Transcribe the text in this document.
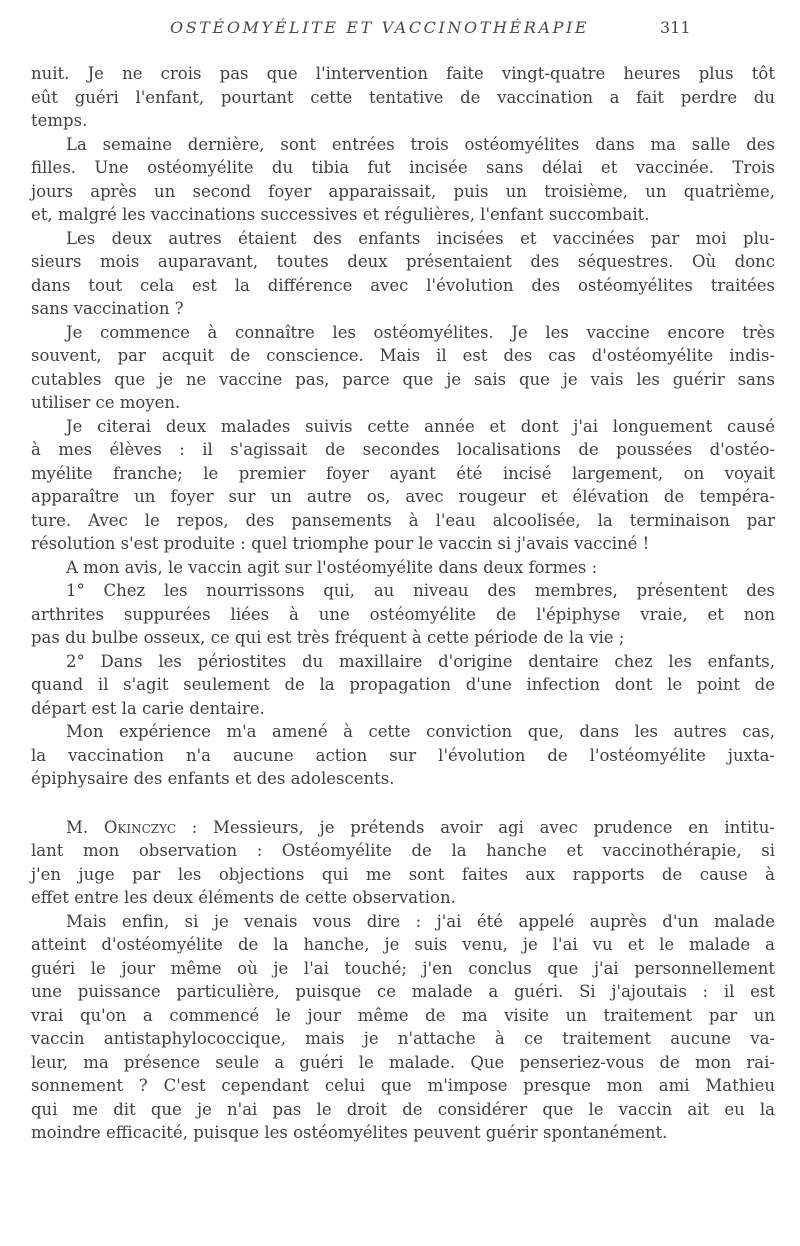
OSTÉOMYÉLITE ET VACCINOTHÉRAPIE	311
nuit. Je ne crois pas que l'intervention faite vingt-quatre heures plus tôt
eût guéri l'enfant, pourtant cette tentative de vaccination a fait perdre du
temps.
La semaine dernière, sont entrées trois ostéomyélites dans ma salle des
filles. Une ostéomyélite du tibia fut incisée sans délai et vaccinée. Trois
jours après un second foyer apparaissait, puis un troisième, un quatrième,
et, malgré les vaccinations successives et régulières, l'enfant succombait.
Les deux autres étaient des enfants incisées et vaccinées par moi plu-
sieurs mois auparavant, toutes deux présentaient des séquestres. Où donc
dans tout cela est la différence avec l'évolution des ostéomyélites traitées
sans vaccination ?
Je commence à connaître les ostéomyélites. Je les vaccine encore très
souvent, par acquit de conscience. Mais il est des cas d'ostéomyélite indis-
cutables que je ne vaccine pas, parce que je sais que je vais les guérir sans
utiliser ce moyen.
Je citerai deux malades suivis cette année et dont j'ai longuement causé
à mes élèves : il s'agissait de secondes localisations de poussées d'ostéo-
myélite franche; le premier foyer ayant été incisé largement, on voyait
apparaître un foyer sur un autre os, avec rougeur et élévation de tempéra-
ture. Avec le repos, des pansements à l'eau alcoolisée, la terminaison par
résolution s'est produite : quel triomphe pour le vaccin si j'avais vacciné !
A mon avis, le vaccin agit sur l'ostéomyélite dans deux formes :
1° Chez les nourrissons qui, au niveau des membres, présentent des
arthrites suppurées liées à une ostéomyélite de l'épiphyse vraie, et non
pas du bulbe osseux, ce qui est très fréquent à cette période de la vie ;
2° Dans les périostites du maxillaire d'origine dentaire chez les enfants,
quand il s'agit seulement de la propagation d'une infection dont le point de
départ est la carie dentaire.
Mon expérience m'a amené à cette conviction que, dans les autres cas,
la vaccination n'a aucune action sur l'évolution de l'ostéomyélite juxta-
épiphysaire des enfants et des adolescents.
M. Okinczyc : Messieurs, je prétends avoir agi avec prudence en intitu-
lant mon observation : Ostéomyélite de la hanche et vaccinothérapie, si
j'en juge par les objections qui me sont faites aux rapports de cause à
effet entre les deux éléments de cette observation.
Mais enfin, si je venais vous dire : j'ai été appelé auprès d'un malade
atteint d'ostéomyélite de la hanche, je suis venu, je l'ai vu et le malade a
guéri le jour même où je l'ai touché; j'en conclus que j'ai personnellement
une puissance particulière, puisque ce malade a guéri. Si j'ajoutais : il est
vrai qu'on a commencé le jour même de ma visite un traitement par un
vaccin antistaphylococcique, mais je n'attache à ce traitement aucune va-
leur, ma présence seule a guéri le malade. Que penseriez-vous de mon rai-
sonnement ? C'est cependant celui que m'impose presque mon ami Mathieu
qui me dit que je n'ai pas le droit de considérer que le vaccin ait eu la
moindre efficacité, puisque les ostéomyélites peuvent guérir spontanément.
